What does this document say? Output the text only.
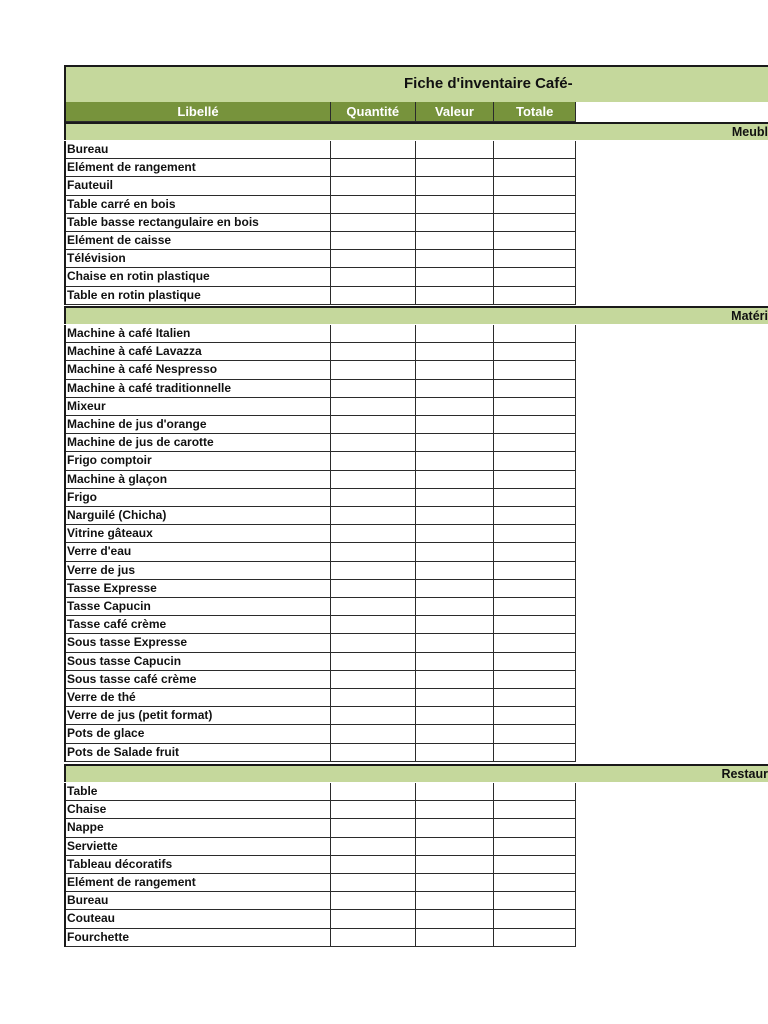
Fiche d'inventaire Café-
Libellé	Quantité	Valeur	Totale
Meubl
Bureau
Elément de rangement
Fauteuil
Table carré en bois
Table basse rectangulaire en bois
Elément de caisse
Télévision
Chaise en rotin plastique
Table en rotin plastique
Matéri
Machine à café Italien
Machine à café Lavazza
Machine à café Nespresso
Machine à café traditionnelle
Mixeur
Machine de jus d'orange
Machine de jus de carotte
Frigo comptoir
Machine à glaçon
Frigo
Narguilé (Chicha)
Vitrine gâteaux
Verre d'eau
Verre de jus
Tasse Expresse
Tasse Capucin
Tasse café crème
Sous tasse Expresse
Sous tasse Capucin
Sous tasse café crème
Verre de thé
Verre de jus (petit format)
Pots de glace
Pots de Salade fruit
Restaur
Table
Chaise
Nappe
Serviette
Tableau décoratifs
Elément de rangement
Bureau
Couteau
Fourchette
